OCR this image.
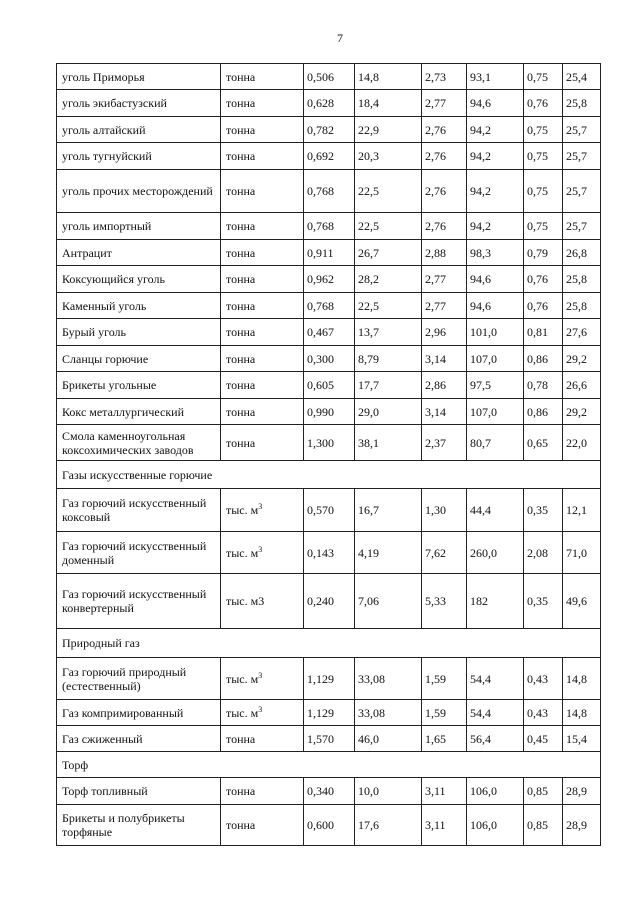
7
уголь Приморья	тонна	0,506	14,8	2,73	93,1	0,75	25,4
уголь экибастузский	тонна	0,628	18,4	2,77	94,6	0,76	25,8
уголь алтайский	тонна	0,782	22,9	2,76	94,2	0,75	25,7
уголь тугнуйский	тонна	0,692	20,3	2,76	94,2	0,75	25,7
уголь прочих месторождений	тонна	0,768	22,5	2,76	94,2	0,75	25,7
уголь импортный	тонна	0,768	22,5	2,76	94,2	0,75	25,7
Антрацит	тонна	0,911	26,7	2,88	98,3	0,79	26,8
Коксующийся уголь	тонна	0,962	28,2	2,77	94,6	0,76	25,8
Каменный уголь	тонна	0,768	22,5	2,77	94,6	0,76	25,8
Бурый уголь	тонна	0,467	13,7	2,96	101,0	0,81	27,6
Сланцы горючие	тонна	0,300	8,79	3,14	107,0	0,86	29,2
Брикеты угольные	тонна	0,605	17,7	2,86	97,5	0,78	26,6
Кокс металлургический	тонна	0,990	29,0	3,14	107,0	0,86	29,2
Смола каменноугольная коксохимических заводов	тонна	1,300	38,1	2,37	80,7	0,65	22,0
Газы искусственные горючие							
Газ горючий искусственный коксовый	тыс. $м^3$	0,570	16,7	1,30	44,4	0,35	12,1
Газ горючий искусственный доменный	тыс. $м^3$	0,143	4,19	7,62	260,0	2,08	71,0
Газ горючий искусственный конвертерный	тыс. м3	0,240	7,06	5,33	182	0,35	49,6
Природный газ							
Газ горючий природный (естественный)	тыс. $м^3$	1,129	33,08	1,59	54,4	0,43	14,8
Газ компримированный	тыс. $м^3$	1,129	33,08	1,59	54,4	0,43	14,8
Газ сжиженный	тонна	1,570	46,0	1,65	56,4	0,45	15,4
Торф							
Торф топливный	тонна	0,340	10,0	3,11	106,0	0,85	28,9
Брикеты и полубрикеты торфяные	тонна	0,600	17,6	3,11	106,0	0,85	28,9
